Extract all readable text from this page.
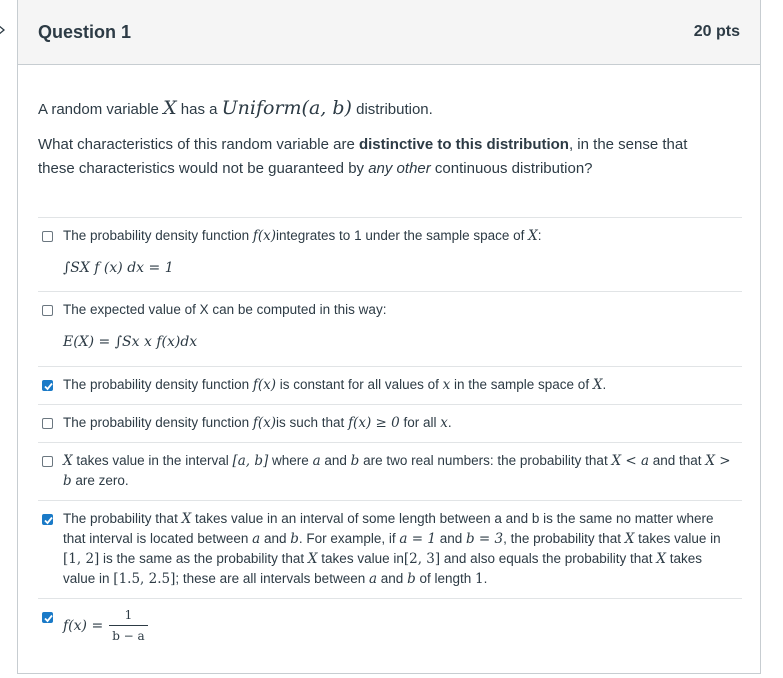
Question 1	20 pts
A random variable X has a Uniform(a, b) distribution.
What characteristics of this random variable are distinctive to this distribution, in the sense that these characteristics would not be guaranteed by any other continuous distribution?
The probability density function f(x)integrates to 1 under the sample space of X:
∫SX f (x) dx = 1
The expected value of X can be computed in this way:
E(X) = ∫Sx x f(x)dx
The probability density function f(x) is constant for all values of x in the sample space of X.
The probability density function f(x)is such that f(x) ≥ 0 for all x.
X takes value in the interval [a, b] where a and b are two real numbers: the probability that X < a and that X > b are zero.
The probability that X takes value in an interval of some length between a and b is the same no matter where that interval is located between a and b. For example, if a = 1 and b = 3, the probability that X takes value in [1, 2] is the same as the probability that X takes value in[2, 3] and also equals the probability that X takes value in [1.5, 2.5]; these are all intervals between a and b of length 1.
$f(x) = \frac{1}{b - a}$
